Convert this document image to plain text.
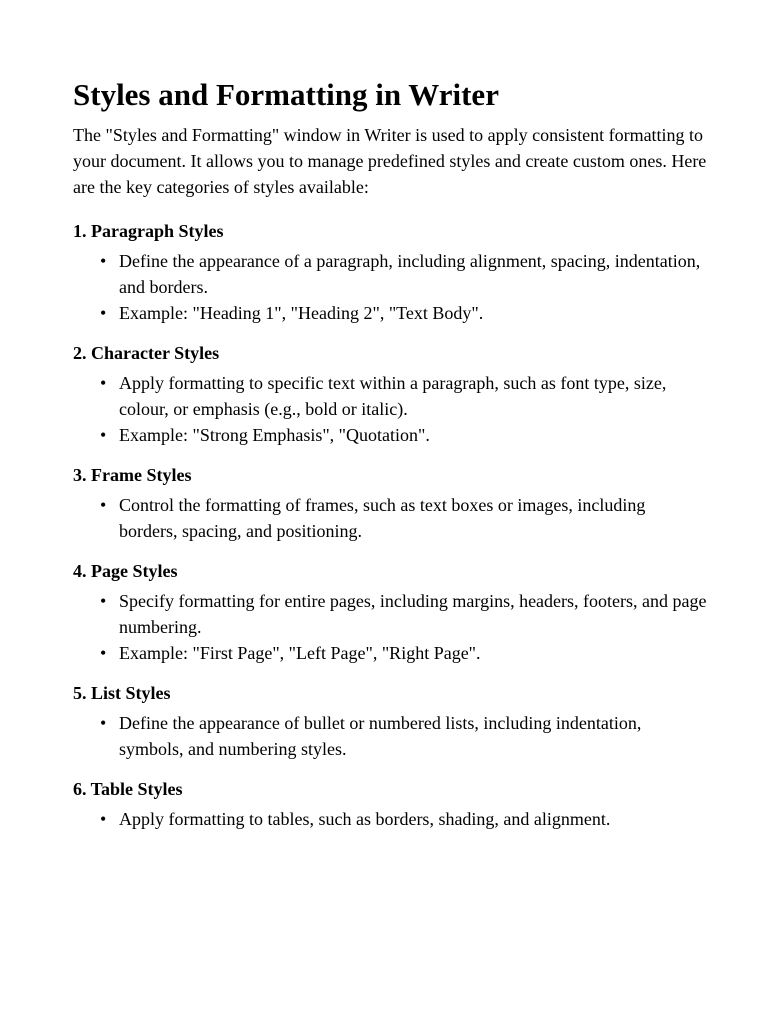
Styles and Formatting in Writer

The "Styles and Formatting" window in Writer is used to apply consistent formatting to your document. It allows you to manage predefined styles and create custom ones. Here are the key categories of styles available:

1. Paragraph Styles
• Define the appearance of a paragraph, including alignment, spacing, indentation, and borders.
• Example: "Heading 1", "Heading 2", "Text Body".
2. Character Styles
• Apply formatting to specific text within a paragraph, such as font type, size, colour, or emphasis (e.g., bold or italic).
• Example: "Strong Emphasis", "Quotation".
3. Frame Styles
• Control the formatting of frames, such as text boxes or images, including borders, spacing, and positioning.
4. Page Styles
• Specify formatting for entire pages, including margins, headers, footers, and page numbering.
• Example: "First Page", "Left Page", "Right Page".
5. List Styles
• Define the appearance of bullet or numbered lists, including indentation, symbols, and numbering styles.
6. Table Styles
• Apply formatting to tables, such as borders, shading, and alignment.
